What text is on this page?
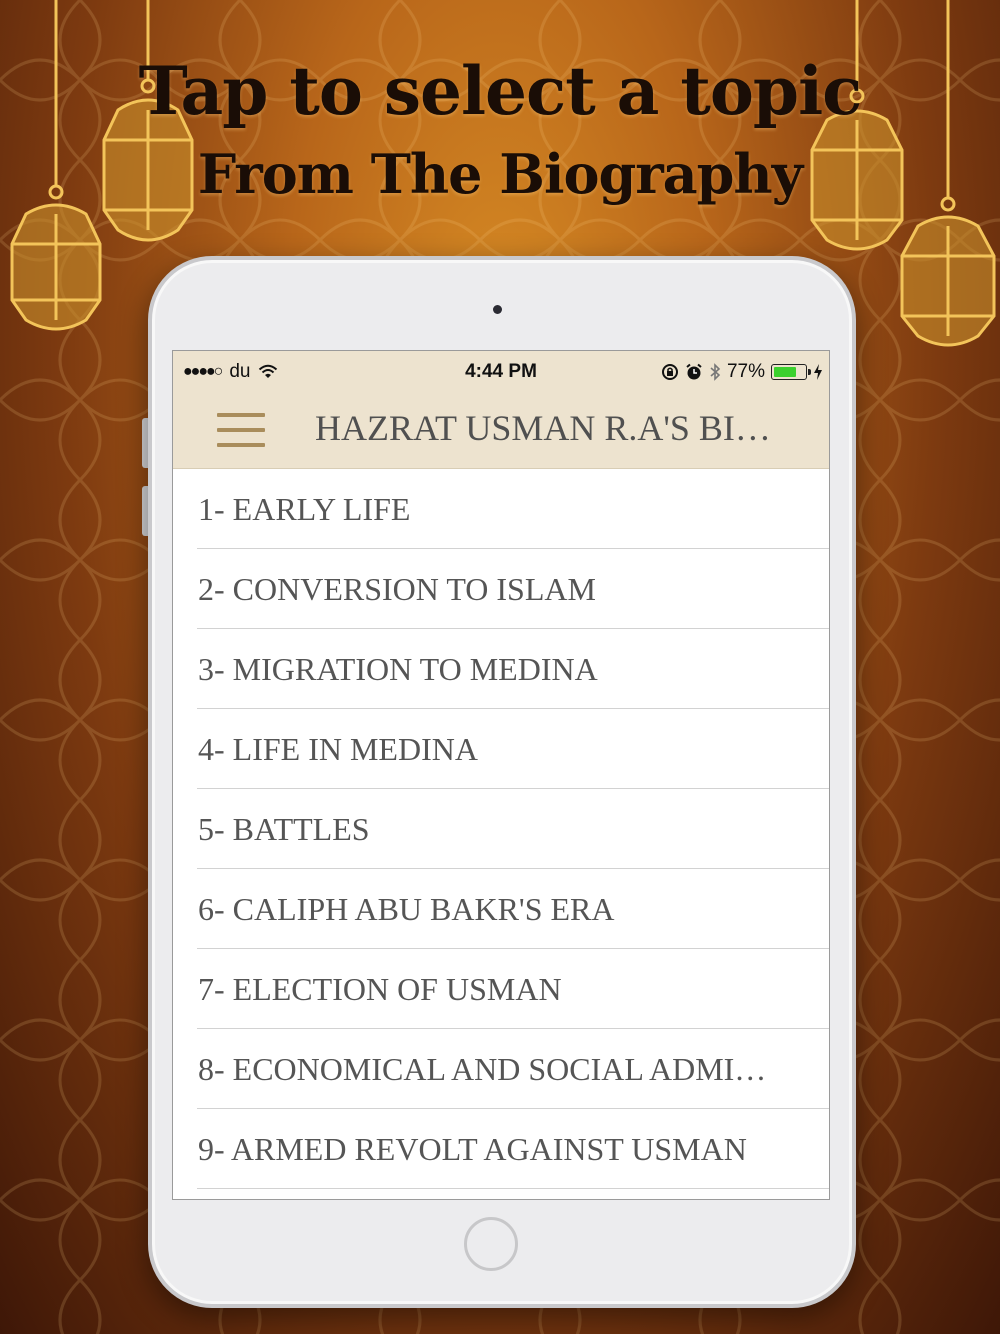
Tap to select a topic
From The Biography
●●●●○ du	4:44 PM	77%
HAZRAT USMAN R.A'S BI…
1- EARLY LIFE
2- CONVERSION TO ISLAM
3- MIGRATION TO MEDINA
4- LIFE IN MEDINA
5- BATTLES
6- CALIPH ABU BAKR'S ERA
7- ELECTION OF USMAN
8- ECONOMICAL AND SOCIAL ADMI…
9- ARMED REVOLT AGAINST USMAN
